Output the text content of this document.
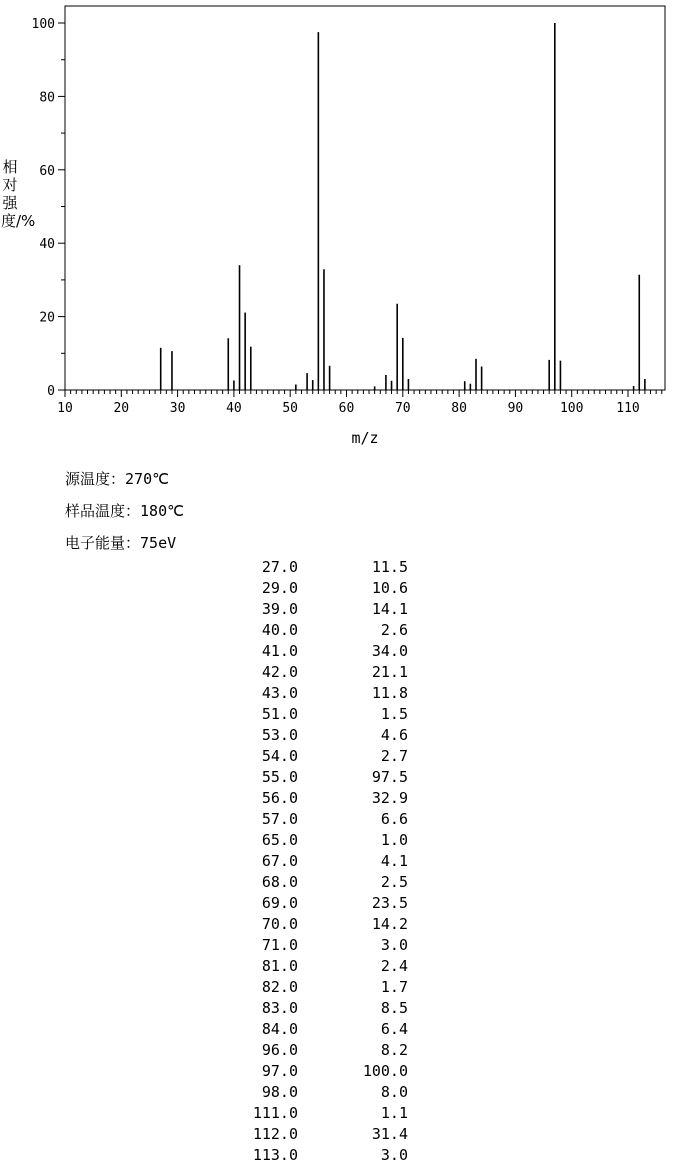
10	20	30	40	50	60	70	80	90	100	110
0
20
40
60
80
100
m/z
相对强度/%
源温度：270℃
样品温度：180℃
电子能量：75eV
27.0	11.5
29.0	10.6
39.0	14.1
40.0	2.6
41.0	34.0
42.0	21.1
43.0	11.8
51.0	1.5
53.0	4.6
54.0	2.7
55.0	97.5
56.0	32.9
57.0	6.6
65.0	1.0
67.0	4.1
68.0	2.5
69.0	23.5
70.0	14.2
71.0	3.0
81.0	2.4
82.0	1.7
83.0	8.5
84.0	6.4
96.0	8.2
97.0	100.0
98.0	8.0
111.0	1.1
112.0	31.4
113.0	3.0
